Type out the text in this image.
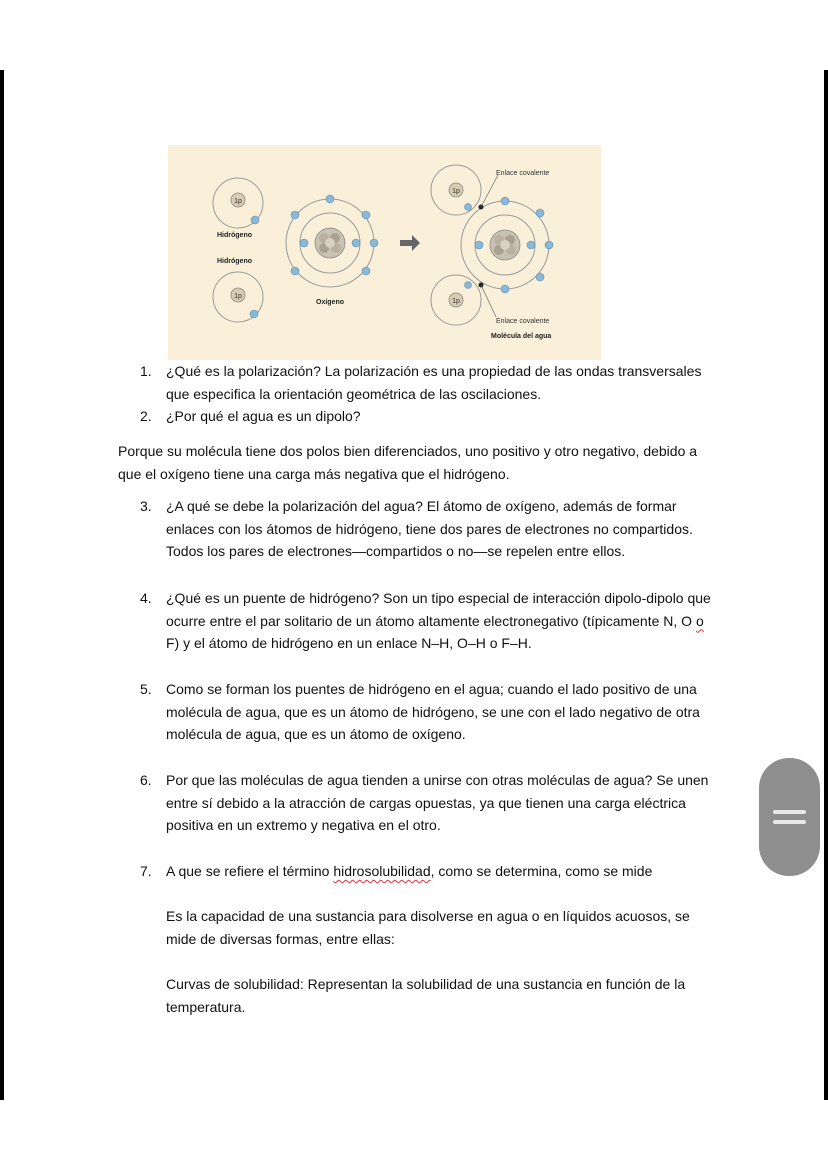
1p
Hidrógeno
Hidrógeno
1p
Oxígeno
1p
1p
Enlace covalente
Enlace covalente
Molécula del agua
1.	¿Qué es la polarización? La polarización es una propiedad de las ondas transversales que especifica la orientación geométrica de las oscilaciones.
2.	¿Por qué el agua es un dipolo?
Porque su molécula tiene dos polos bien diferenciados, uno positivo y otro negativo, debido a que el oxígeno tiene una carga más negativa que el hidrógeno.
3.	¿A qué se debe la polarización del agua? El átomo de oxígeno, además de formar enlaces con los átomos de hidrógeno, tiene dos pares de electrones no compartidos. Todos los pares de electrones—compartidos o no—se repelen entre ellos.
4.	¿Qué es un puente de hidrógeno? Son un tipo especial de interacción dipolo-dipolo que ocurre entre el par solitario de un átomo altamente electronegativo (típicamente N, O o F) y el átomo de hidrógeno en un enlace N–H, O–H o F–H.
5.	Como se forman los puentes de hidrógeno en el agua; cuando el lado positivo de una molécula de agua, que es un átomo de hidrógeno, se une con el lado negativo de otra molécula de agua, que es un átomo de oxígeno.
6.	Por que las moléculas de agua tienden a unirse con otras moléculas de agua? Se unen entre sí debido a la atracción de cargas opuestas, ya que tienen una carga eléctrica positiva en un extremo y negativa en el otro.
7.	A que se refiere el término hidrosolubilidad, como se determina, como se mide
Es la capacidad de una sustancia para disolverse en agua o en líquidos acuosos, se mide de diversas formas, entre ellas:
Curvas de solubilidad: Representan la solubilidad de una sustancia en función de la temperatura.
